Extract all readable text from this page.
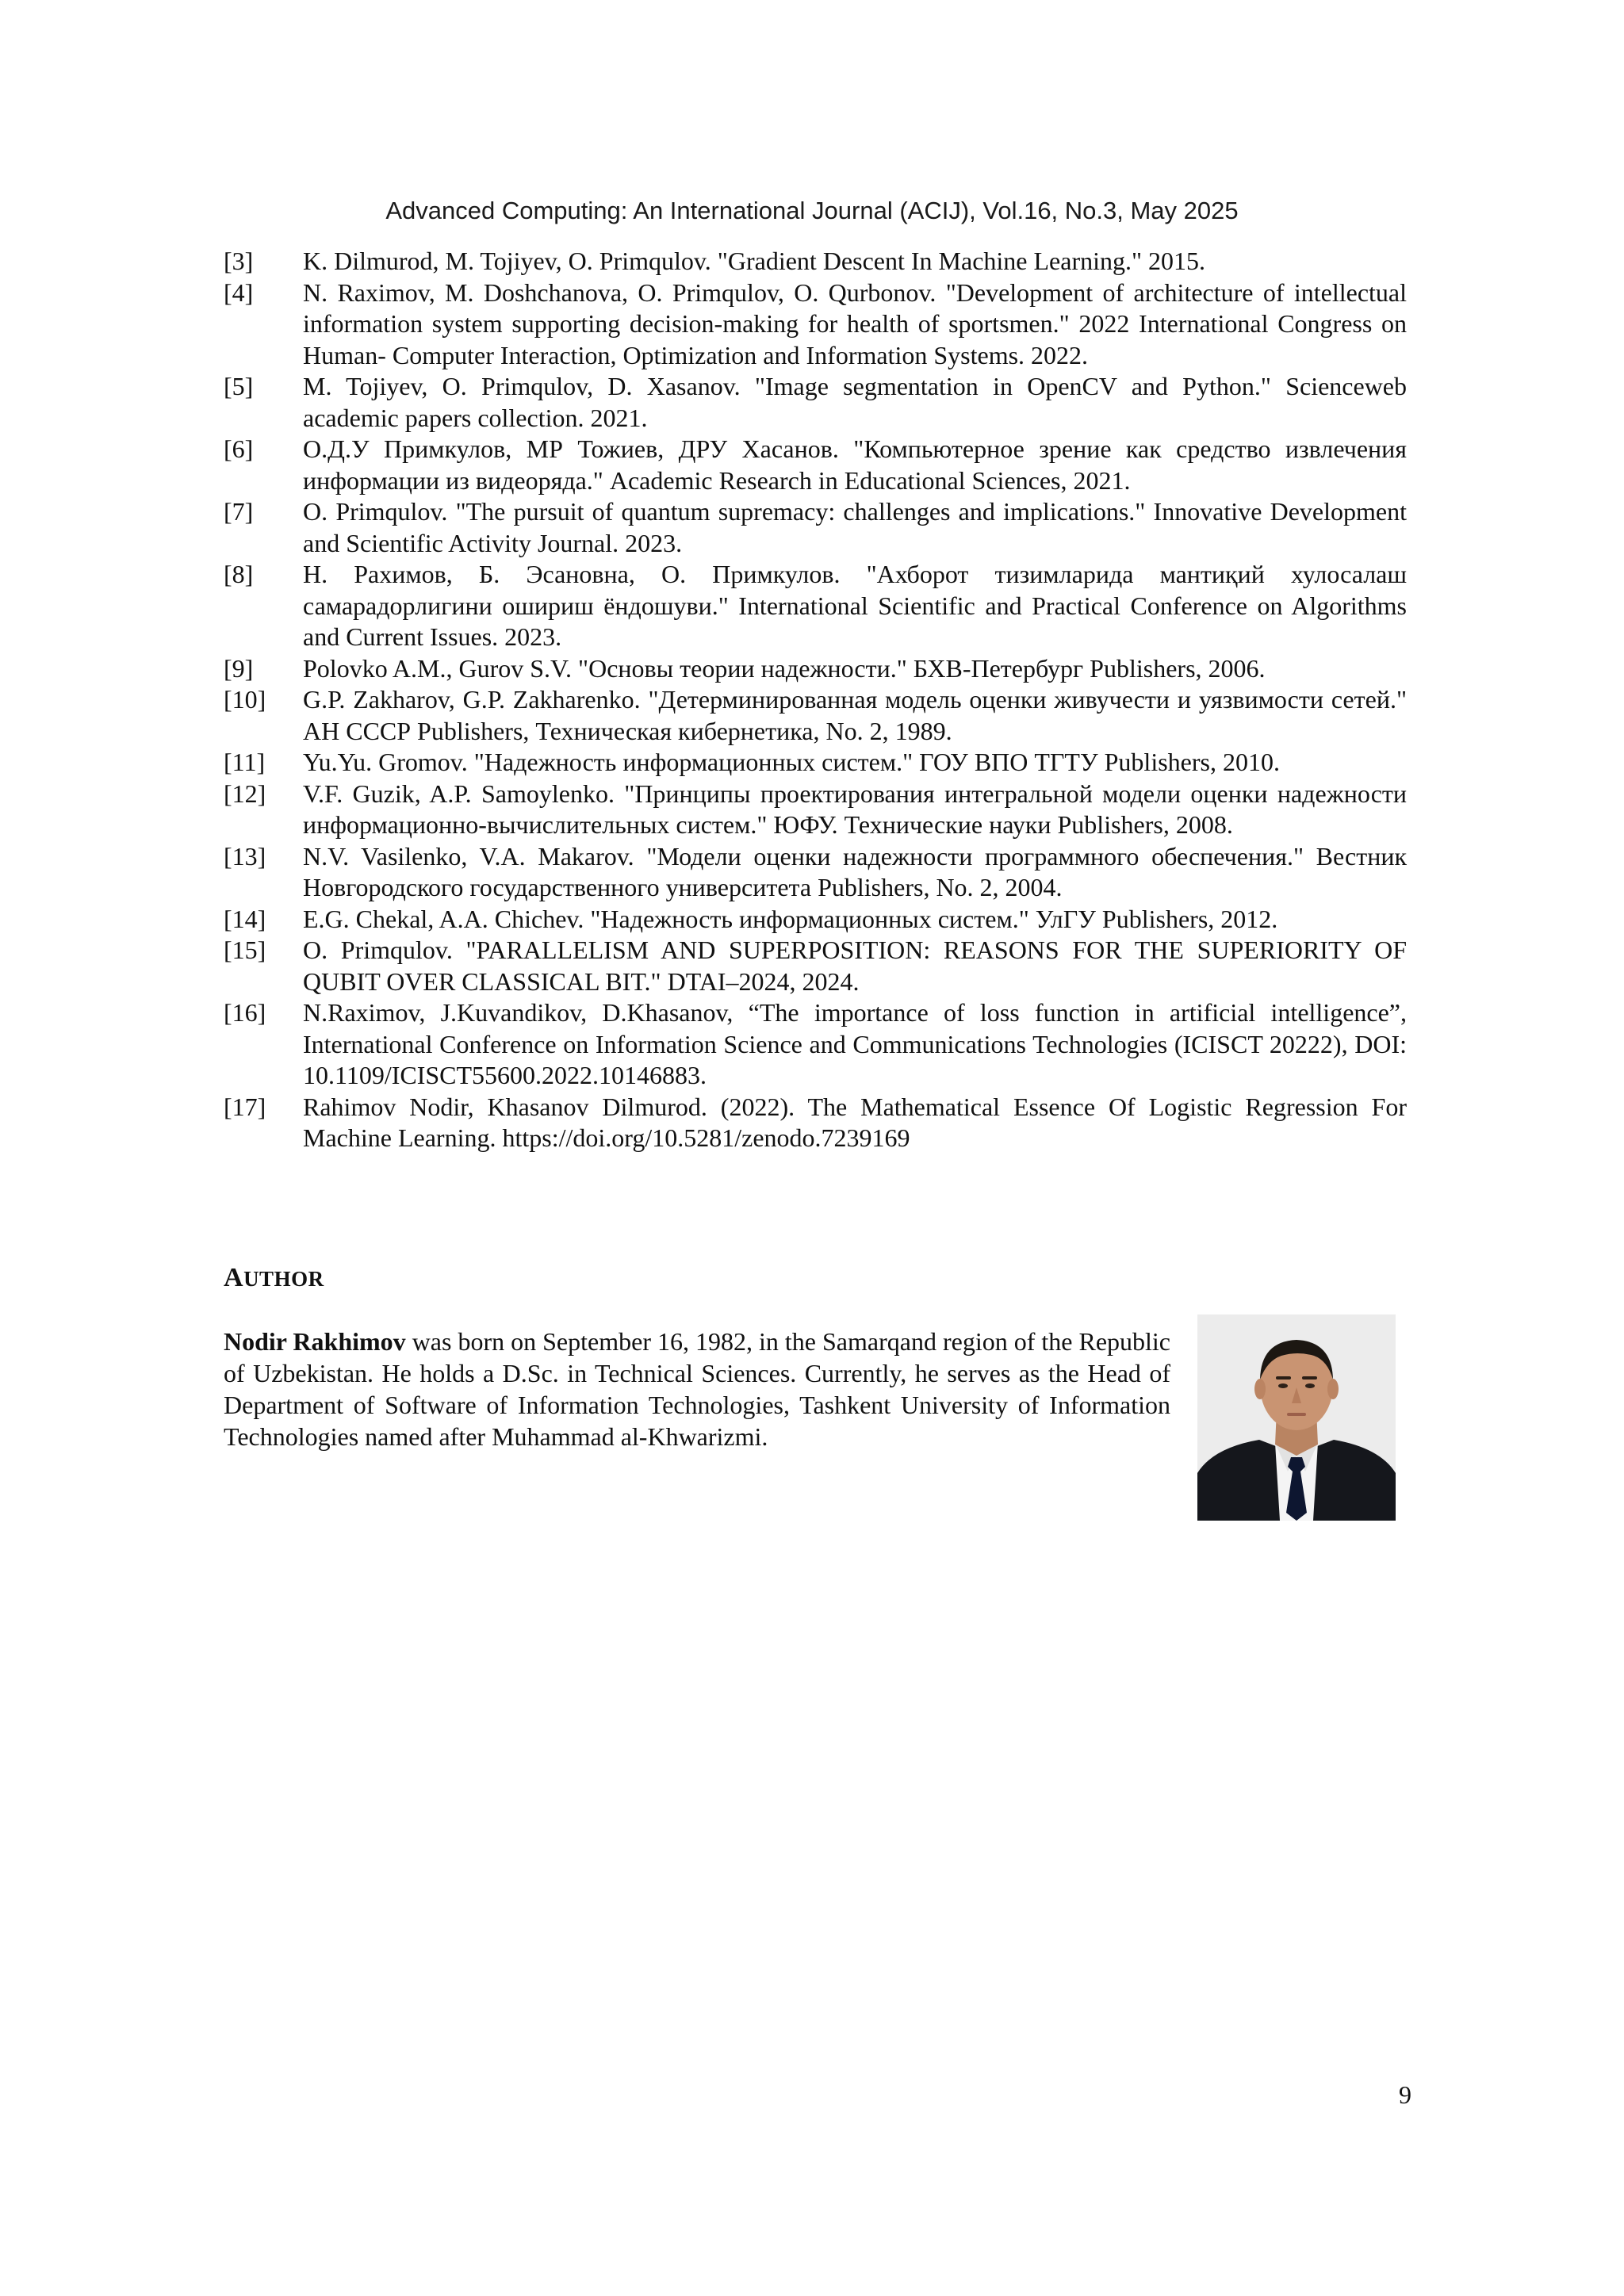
Advanced Computing: An International Journal (ACIJ), Vol.16, No.3, May 2025
[3]	K. Dilmurod, M. Tojiyev, O. Primqulov. "Gradient Descent In Machine Learning." 2015.
[4]	N. Raximov, M. Doshchanova, O. Primqulov, O. Qurbonov. "Development of architecture of intellectual information system supporting decision-making for health of sportsmen." 2022 International Congress on Human- Computer Interaction, Optimization and Information Systems. 2022.
[5]	M. Tojiyev, O. Primqulov, D. Xasanov. "Image segmentation in OpenCV and Python." Scienceweb academic papers collection. 2021.
[6]	О.Д.У Примкулов, МР Тожиев, ДРУ Хасанов. "Компьютерное зрение как средство извлечения информации из видеоряда." Academic Research in Educational Sciences, 2021.
[7]	O. Primqulov. "The pursuit of quantum supremacy: challenges and implications." Innovative Development and Scientific Activity Journal. 2023.
[8]	Н. Рахимов, Б. Эсановна, О. Примкулов. "Ахборот тизимларида мантиқий хулосалаш самарадорлигини ошириш ёндошуви." International Scientific and Practical Conference on Algorithms and Current Issues. 2023.
[9]	Polovko A.M., Gurov S.V. "Основы теории надежности." БХВ-Петербург Publishers, 2006.
[10]	G.P. Zakharov, G.P. Zakharenko. "Детерминированная модель оценки живучести и уязвимости сетей." АН СССР Publishers, Техническая кибернетика, No. 2, 1989.
[11]	Yu.Yu. Gromov. "Надежность информационных систем." ГОУ ВПО ТГТУ Publishers, 2010.
[12]	V.F. Guzik, A.P. Samoylenko. "Принципы проектирования интегральной модели оценки надежности информационно-вычислительных систем." ЮФУ. Технические науки Publishers, 2008.
[13]	N.V. Vasilenko, V.A. Makarov. "Модели оценки надежности программного обеспечения." Вестник Новгородского государственного университета Publishers, No. 2, 2004.
[14]	E.G. Chekal, A.A. Chichev. "Надежность информационных систем." УлГУ Publishers, 2012.
[15]	O. Primqulov. "PARALLELISM AND SUPERPOSITION: REASONS FOR THE SUPERIORITY OF QUBIT OVER CLASSICAL BIT." DTAI–2024, 2024.
[16]	N.Raximov, J.Kuvandikov, D.Khasanov, “The importance of loss function in artificial intelligence”, International Conference on Information Science and Communications Technologies (ICISCT 20222), DOI: 10.1109/ICISCT55600.2022.10146883.
[17]	Rahimov Nodir, Khasanov Dilmurod. (2022). The Mathematical Essence Of Logistic Regression For Machine Learning. https://doi.org/10.5281/zenodo.7239169
AUTHOR

Nodir Rakhimov was born on September 16, 1982, in the Samarqand region of the Republic of Uzbekistan. He holds a D.Sc. in Technical Sciences. Currently, he serves as the Head of Department of Software of Information Technologies, Tashkent University of Information Technologies named after Muhammad al-Khwarizmi.

9
